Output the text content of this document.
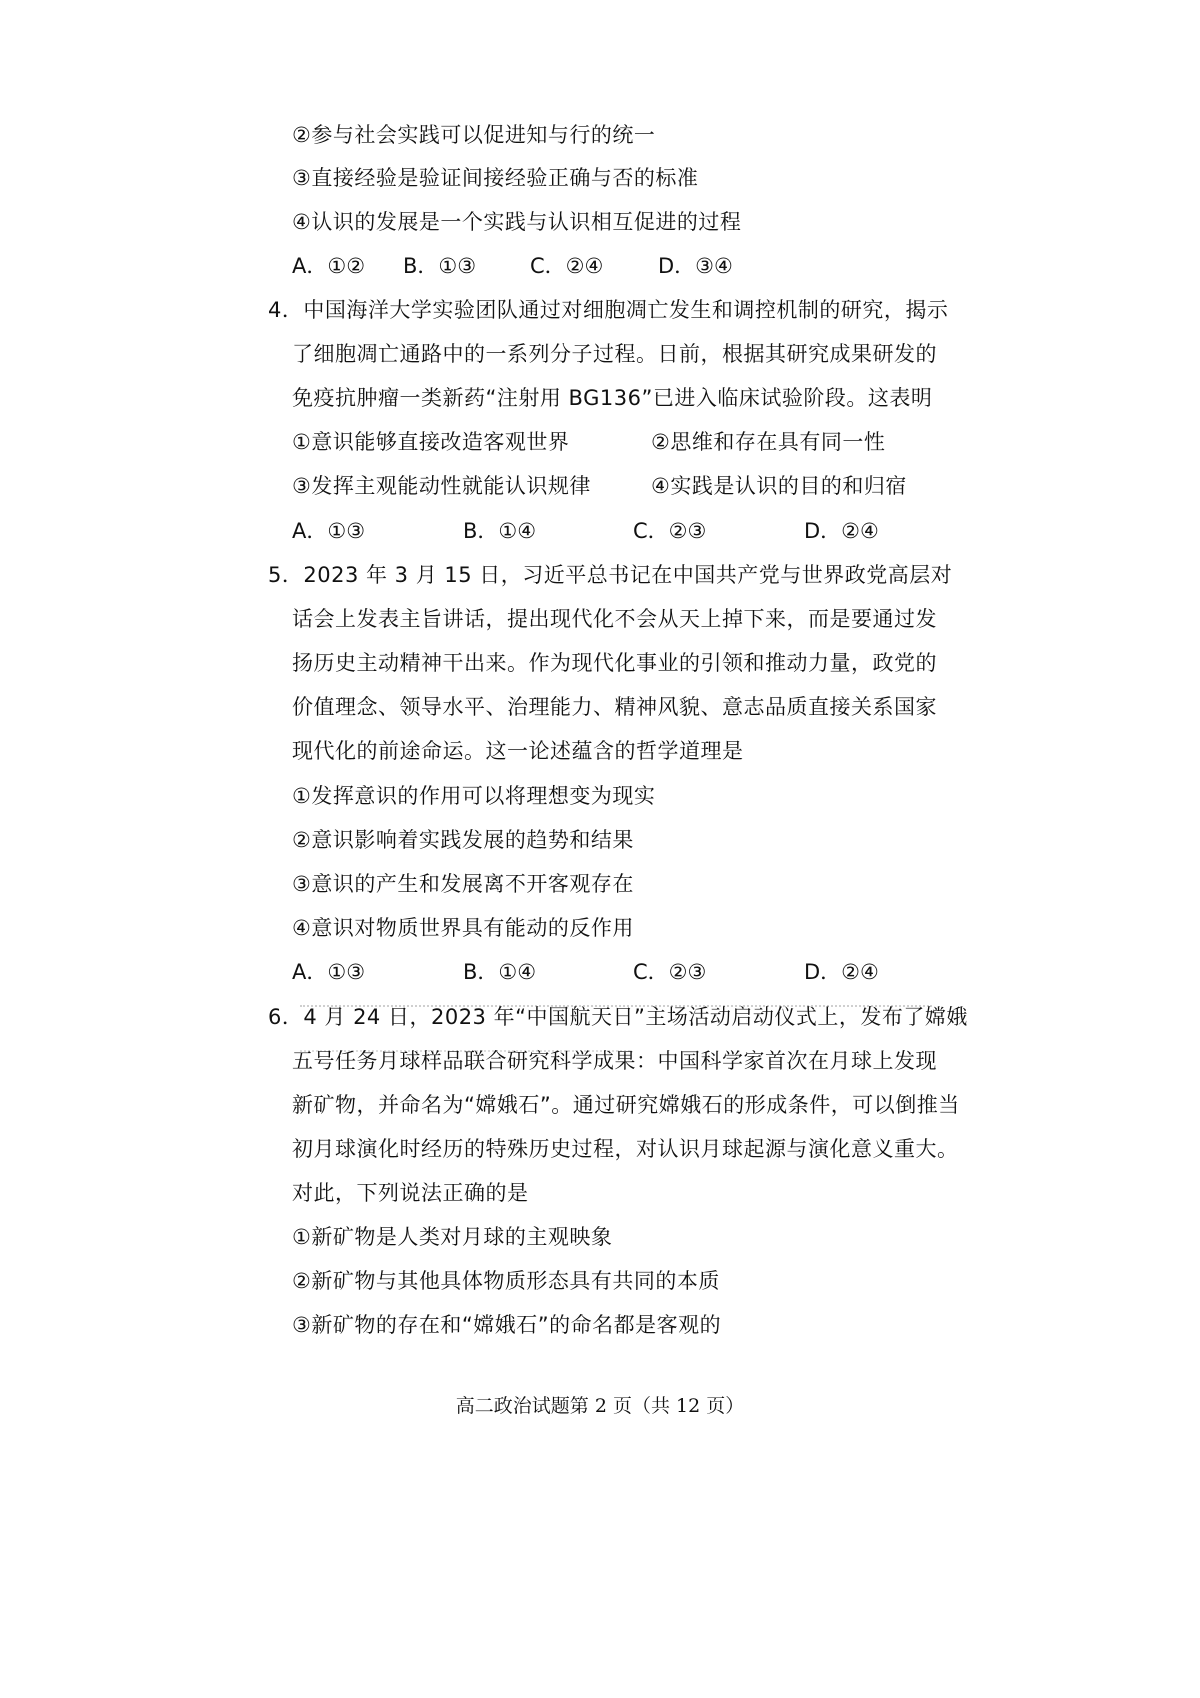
②参与社会实践可以促进知与行的统一
③直接经验是验证间接经验正确与否的标准
④认识的发展是一个实践与认识相互促进的过程
A．①② B．①③	C．②④	D．③④
4．中国海洋大学实验团队通过对细胞凋亡发生和调控机制的研究，揭示
了细胞凋亡通路中的一系列分子过程。日前，根据其研究成果研发的
免疫抗肿瘤一类新药“注射用 BG136”已进入临床试验阶段。这表明
①意识能够直接改造客观世界	②思维和存在具有同一性
③发挥主观能动性就能认识规律	④实践是认识的目的和归宿
A．①③	B．①④	C．②③	D．②④
5．2023 年 3 月 15 日，习近平总书记在中国共产党与世界政党高层对
话会上发表主旨讲话，提出现代化不会从天上掉下来，而是要通过发
扬历史主动精神干出来。作为现代化事业的引领和推动力量，政党的
价值理念、领导水平、治理能力、精神风貌、意志品质直接关系国家
现代化的前途命运。这一论述蕴含的哲学道理是
①发挥意识的作用可以将理想变为现实
②意识影响着实践发展的趋势和结果
③意识的产生和发展离不开客观存在
④意识对物质世界具有能动的反作用
A．①③	B．①④	C．②③	D．②④
6．4 月 24 日，2023 年“中国航天日”主场活动启动仪式上，发布了嫦娥
五号任务月球样品联合研究科学成果：中国科学家首次在月球上发现
新矿物，并命名为“嫦娥石”。通过研究嫦娥石的形成条件，可以倒推当
初月球演化时经历的特殊历史过程，对认识月球起源与演化意义重大。
对此，下列说法正确的是
①新矿物是人类对月球的主观映象
②新矿物与其他具体物质形态具有共同的本质
③新矿物的存在和“嫦娥石”的命名都是客观的
高二政治试题第 2 页（共 12 页）
